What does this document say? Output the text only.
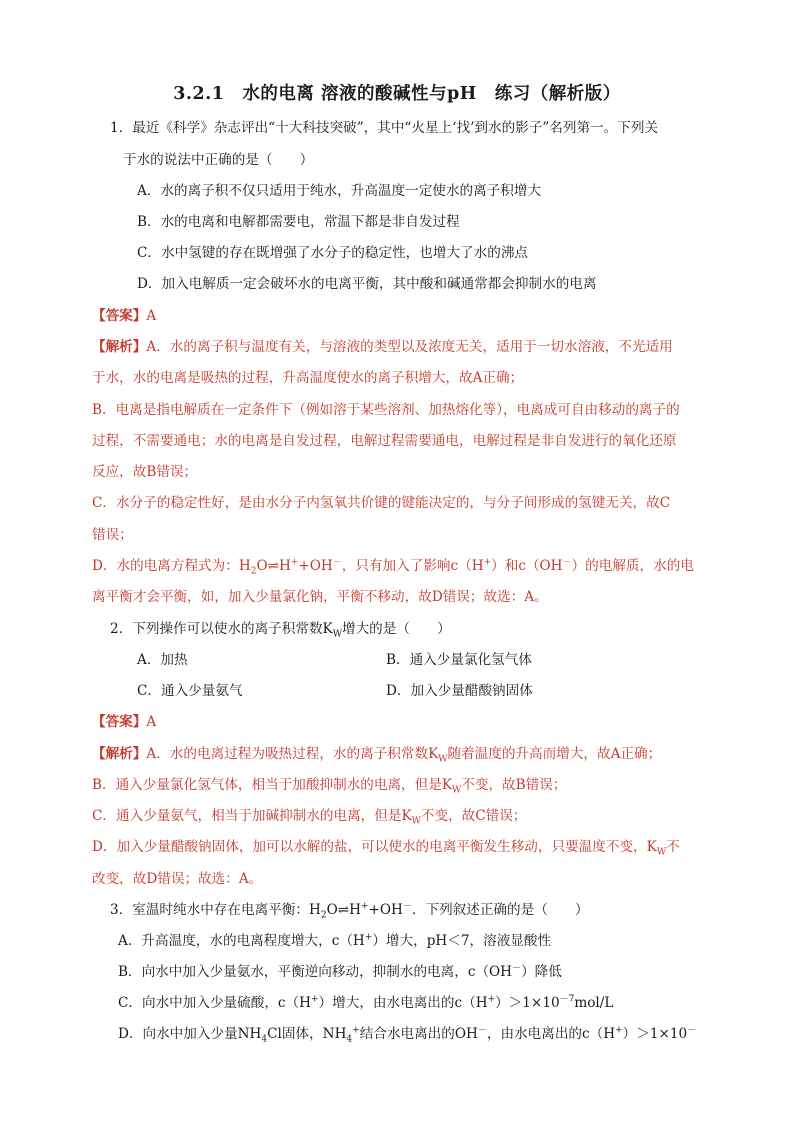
3.2.1　水的电离 溶液的酸碱性与pH　练习（解析版）
1．最近《科学》杂志评出“十大科技突破”，其中“火星上‘找’到水的影子”名列第一。下列关
于水的说法中正确的是（　　）
A．水的离子积不仅只适用于纯水，升高温度一定使水的离子积增大
B．水的电离和电解都需要电，常温下都是非自发过程
C．水中氢键的存在既增强了水分子的稳定性，也增大了水的沸点
D．加入电解质一定会破坏水的电离平衡，其中酸和碱通常都会抑制水的电离
【答案】A
【解析】A．水的离子积与温度有关，与溶液的类型以及浓度无关，适用于一切水溶液，不光适用
于水，水的电离是吸热的过程，升高温度使水的离子积增大，故A正确；
B．电离是指电解质在一定条件下（例如溶于某些溶剂、加热熔化等），电离成可自由移动的离子的
过程，不需要通电；水的电离是自发过程，电解过程需要通电，电解过程是非自发进行的氧化还原
反应，故B错误；
C．水分子的稳定性好，是由水分子内氢氧共价键的键能决定的，与分子间形成的氢键无关，故C
错误；
D．水的电离方程式为：$H_2O\rightleftharpoons H^++OH^-$，只有加入了影响c（H+）和c（OH－）的电解质，水的电
离平衡才会平衡，如，加入少量氯化钠，平衡不移动，故D错误；故选：A。
2．下列操作可以使水的离子积常数$K_W$增大的是（　　）
A．加热	B．通入少量氯化氢气体
C．通入少量氨气	D．加入少量醋酸钠固体
【答案】A
【解析】A．水的电离过程为吸热过程，水的离子积常数$K_W$随着温度的升高而增大，故A正确；
B．通入少量氯化氢气体，相当于加酸抑制水的电离，但是$K_W$不变，故B错误；
C．通入少量氨气，相当于加碱抑制水的电离，但是$K_W$不变，故C错误；
D．加入少量醋酸钠固体，加可以水解的盐，可以使水的电离平衡发生移动，只要温度不变，$K_W$不
改变，故D错误；故选：A。
3．室温时纯水中存在电离平衡：$H_2O\rightleftharpoons H^++OH^-$．下列叙述正确的是（　　）
A．升高温度，水的电离程度增大，c（H+）增大，pH＜7，溶液显酸性
B．向水中加入少量氨水，平衡逆向移动，抑制水的电离，c（OH－）降低
C．向水中加入少量硫酸，c（H+）增大，由水电离出的$c(H^+)>1\times 10^{-7}mol/L$
D．向水中加入少量$NH_4Cl$固体，$NH_4^+$结合水电离出的OH－，由水电离出的c（H+）＞1×10－
